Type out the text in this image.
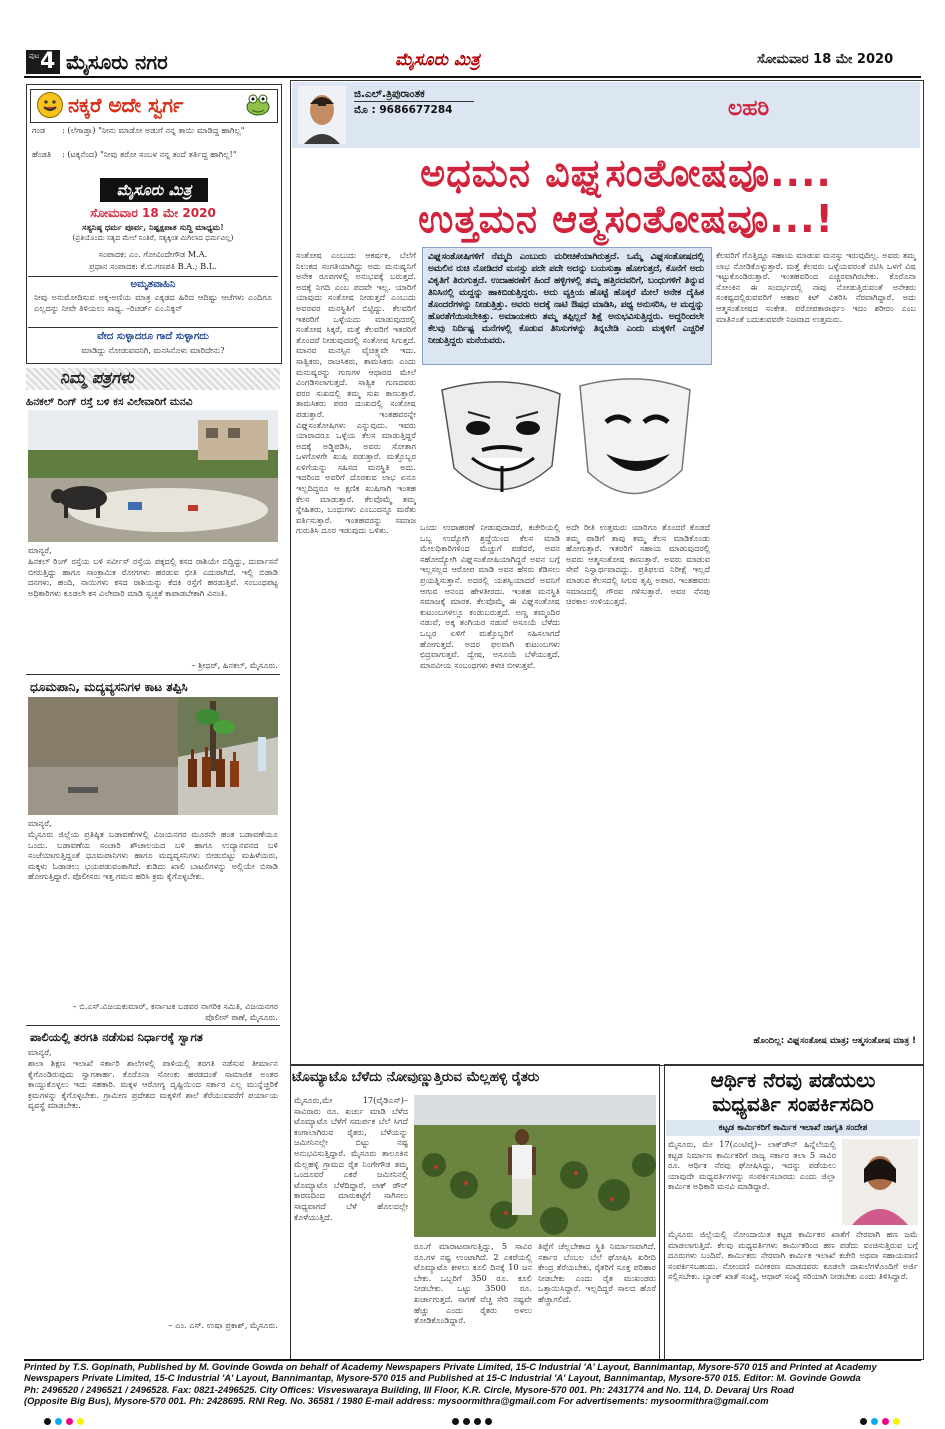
ಪುಟ 4 ಮೈಸೂರು ನಗರ	ಮೈಸೂರು ಮಿತ್ರ	ಸೋಮವಾರ 18 ಮೇ 2020
ನಕ್ಕರೆ ಅದೇ ಸ್ವರ್ಗ
ಗಂಡ	: (ಲೆಗಾಡ್ತಾ) "ನೀನು ಮಾಡೋ ಅಡುಗೆ ನನ್ನ ತಾಯಿ ಮಾಡಿದ್ದ ಹಾಗಿಲ್ಲ"
ಹೆಂಡತಿ	: (ಟಕ್ಕನೆಂದ) "ನೀವು ತರೋ ಸಂಬಳ ನನ್ನ ತಂದೆ ತರ್ತಿದ್ದ ಹಾಗಿಲ್ಲ!"
ಮೈಸೂರು ಮಿತ್ರ
ಸೋಮವಾರ 18 ಮೇ 2020
ಸತ್ಯನಿಷ್ಠ ಧರ್ಮ ಪೂರ್ವ, ನಿಷ್ಪಕ್ಷಪಾತ ಸುದ್ದಿ ಮಾಧ್ಯಮ!
(ಪ್ರತಿಯೊಂದು ಸತ್ಯದ ಮೇಲೆ ನಿಂತಿರೆ, ಸತ್ಯಕ್ಕಿಂತ ಮಿಗಿಲಾದ ಧರ್ಮವಿಲ್ಲ)
ಸಂಪಾದಕ: ಎಂ. ಗೋವಿಂದೇಗೌಡ M.A.
ಪ್ರಧಾನ ಸಂಪಾದಕ: ಕೆ.ಬಿ.ಗಣಪತಿ B.A.; B.L.
ಅಮೃತವಾಹಿನಿ
ನೀವು ಅನುಮೋದಿಸುವ ಅಕ್ಕ-ಅಣಿಯ ಮಾತ್ರ ಎಕ್ಕಡದ ಹಿರಿದ ಆದಿಷ್ಟು ಆಚೆಗಳು ಎಂದಿಗೂ ಎಲ್ಲದನ್ನು ನೀವೇ ತಿಳಿಯಲು ಸಾಧ್ಯ. –ರಿಚರ್ಡ್ ಎಂ.ನಿಕ್ಸನ್
ವೇದ ಸುಳ್ಳಾದರೂ ಗಾದೆ ಸುಳ್ಳಾಗದು
ಮಾಡಿದ್ದು ನೋಡುವವನಿಗಿ, ಮನಸಿನೊಳು ಮಾರಿದೇನು?
ನಿಮ್ಮ ಪತ್ರಗಳು
ಹಿನಕಲ್ ರಿಂಗ್ ರಸ್ತೆ ಬಳಿ ಕಸ ವಿಲೇವಾರಿಗೆ ಮನವಿ
ಮಾನ್ಯರೆ,
ಹಿನಕಲ್ ರಿಂಗ್ ರಸ್ತೆಯ ಬಳಿ ಸರ್ವೀಸ್ ರಸ್ತೆಯ ಪಕ್ಕದಲ್ಲಿ ಕಸದ ರಾಶಿಯೇ ಬಿದ್ದಿದ್ದು, ದುರ್ವಾಸನೆ ಬೀರುತ್ತಿದ್ದು ಹಾಗೂ ಸಾಂಕ್ರಾಮಿಕ ರೋಗಗಳು ಹರಡುವ ಭೀತಿ ಎದುರಾಗಿದೆ. ಇಲ್ಲಿ ಬಿಡಾಡಿ ದನಗಳು, ಹಂದಿ, ನಾಯಿಗಳು ಕಸದ ರಾಶಿಯನ್ನು ಕೆದಕಿ ರಸ್ತೆಗೆ ಹರಡುತ್ತಿವೆ. ಸಂಬಂಧಪಟ್ಟ ಅಧಿಕಾರಿಗಳು ಕೂಡಲೇ ಕಸ ವಿಲೇವಾರಿ ಮಾಡಿ ಸ್ವಚ್ಛತೆ ಕಾಪಾಡಬೇಕಾಗಿ ವಿನಂತಿ.
– ಶ್ರೀಧರ್, ಹಿನಕಲ್, ಮೈಸೂರು.
ಧೂಮಪಾನಿ, ಮದ್ಯವ್ಯಸನಿಗಳ ಕಾಟ ತಪ್ಪಿಸಿ
ಮಾನ್ಯರೆ,
ಮೈಸೂರು ಜಿಲ್ಲೆಯ ಪ್ರತಿಷ್ಠಿತ ಬಡಾವಣೆಗಳಲ್ಲಿ ವಿಜಯನಗರ ಮೂರನೇ ಹಂತ ಬಡಾವಣೆಯೂ ಒಂದು. ಬಡಾವಣೆಯ ಸಂಚಾರಿ ಶೌಚಾಲಯದ ಬಳಿ ಹಾಗೂ ಉದ್ಯಾನವನದ ಬಳಿ ಸಂಜೆಯಾಗುತ್ತಿದ್ದಂತೆ ಧೂಮಪಾನಿಗಳು ಹಾಗೂ ಮದ್ಯವ್ಯಸನಿಗಳು ಬೀಡುಬಿಟ್ಟು ಮಹಿಳೆಯರು, ಮಕ್ಕಳು ಓಡಾಡಲು ಭಯಪಡುವಂತಾಗಿದೆ. ಕುಡಿದು ಖಾಲಿ ಬಾಟಲಿಗಳನ್ನು ಅಲ್ಲಿಯೇ ಬಿಸಾಡಿ ಹೋಗುತ್ತಿದ್ದಾರೆ. ಪೊಲೀಸರು ಇತ್ತ ಗಮನ ಹರಿಸಿ ಕ್ರಮ ಕೈಗೊಳ್ಳಬೇಕು.
– ಬಿ.ಎಸ್.ವಿಜಯಕುಮಾರ್, ಕರ್ನಾಟಕ ಬಡವರ ನಾಗರಿಕ ಸಮಿತಿ, ವಿಜಯನಗರ ಪೊಲೀಸ್ ಠಾಣೆ, ಮೈಸೂರು.
ಪಾಲಿಯಲ್ಲಿ ತರಗತಿ ನಡೆಸುವ ನಿರ್ಧಾರಕ್ಕೆ ಸ್ವಾಗತ
ಮಾನ್ಯರೆ,
ಶಾಲಾ ಶಿಕ್ಷಣ ಇಲಾಖೆ ಸರ್ಕಾರಿ ಶಾಲೆಗಳಲ್ಲಿ ಪಾಳಿಯಲ್ಲಿ ತರಗತಿ ನಡೆಸುವ ತೀರ್ಮಾನ ಕೈಗೊಂಡಿರುವುದು ಸ್ವಾಗತಾರ್ಹ. ಕೊರೊನಾ ಸೋಂಕು ಹರಡದಂತೆ ಸಾಮಾಜಿಕ ಅಂತರ ಕಾಯ್ದುಕೊಳ್ಳಲು ಇದು ಸಹಕಾರಿ. ಮಕ್ಕಳ ಆರೋಗ್ಯ ದೃಷ್ಟಿಯಿಂದ ಸರ್ಕಾರ ಎಲ್ಲ ಮುನ್ನೆಚ್ಚರಿಕೆ ಕ್ರಮಗಳನ್ನು ಕೈಗೊಳ್ಳಬೇಕು. ಗ್ರಾಮೀಣ ಪ್ರದೇಶದ ಮಕ್ಕಳಿಗೆ ಶಾಲೆ ತೆರೆಯುವವರೆಗೆ ಪರ್ಯಾಯ ವ್ಯವಸ್ಥೆ ಮಾಡಬೇಕು.
– ಎಂ. ಎಸ್. ಉಷಾ ಪ್ರಕಾಶ್, ಮೈಸೂರು.
ಜಿ.ಎಲ್.ತ್ರಿಪುರಾಂತಕ
ಮೊ : 9686677284	ಲಹರಿ
ಅಧಮನ ವಿಘ್ನಸಂತೋಷವೂ....
ಉತ್ತಮನ ಆತ್ಮಸಂತೋಷವೂ...!
ವಿಘ್ನಸಂತೋಷಿಗಳಿಗೆ ನೆಮ್ಮದಿ ಎಂಬುದು ಮರೀಚಿಕೆಯಾಗಿರುತ್ತದೆ. ಒಮ್ಮೆ ವಿಘ್ನಸಂತೋಷದಲ್ಲಿ ಅಮಲಿನ ರುಚಿ ನೋಡಿದರೆ ಮನಸ್ಸು ಪದೇ ಪದೇ ಅದನ್ನು ಬಯಸುತ್ತಾ ಹೋಗುತ್ತದೆ, ಕೊನೆಗೆ ಅದು ವಿಕೃತಿಗೆ ತಿರುಗುತ್ತದೆ. ಉದಾಹರಣೆಗೆ ಹಿಂದೆ ಹಳ್ಳಿಗಳಲ್ಲಿ ತಮ್ಮ ಹತ್ತಿರದವರಿಗೆ, ಬಂಧುಗಳಿಗೆ ತಿನ್ನುವ ತಿನಿಸಿನಲ್ಲಿ ಮದ್ದನ್ನು ಹಾಕಿಬಿಡುತ್ತಿದ್ದರು. ಅದು ವ್ಯಕ್ತಿಯ ಹೊಟ್ಟೆ ಹೊಕ್ಕರೆ ಮೇಲೆ ಅನೇಕ ದೈಹಿಕ ತೊಂದರೆಗಳನ್ನು ನೀಡುತ್ತಿತ್ತು. ಅವರು ಅದಕ್ಕೆ ನಾಟಿ ಔಷಧ ಮಾಡಿಸಿ, ಪಥ್ಯ ಅನುಸರಿಸಿ, ಆ ಮದ್ದನ್ನು ಹೊರತೆಗೆಯಿಸಬೇಕಿತ್ತು. ಅಮಾಯಕರು ತಮ್ಮ ತಪ್ಪಿಲ್ಲದೆ ಶಿಕ್ಷೆ ಅನುಭವಿಸುತ್ತಿದ್ದರು. ಅದ್ದರಿಂದಲೇ ಕೆಲವು ನಿರ್ದಿಷ್ಟ ಮನೆಗಳಲ್ಲಿ ಕೊಡುವ ತಿನಿಸುಗಳನ್ನು ತಿನ್ನಬೇಡಿ ಎಂದು ಮಕ್ಕಳಿಗೆ ಎಚ್ಚರಿಕೆ ನೀಡುತ್ತಿದ್ದರು ಮನೆಯವರು.
ಸಂತೋಷ ಎಂಬುದು ಆಕರ್ಷಕ, ಬೆಲೆಗೆ ನಿಲುಕದ ಸಂಗತಿಯಾಗಿದ್ದು ಅದು ಮನುಷ್ಯನಿಗೆ ಅನೇಕ ರೂಪಗಳಲ್ಲಿ ಅನುಭವಕ್ಕೆ ಬರುತ್ತದೆ. ಅದಕ್ಕೆ ನಿಗದಿ ಎಂಬ ಪದವೇ ಇಲ್ಲ. ಯಾರಿಗೆ ಯಾವುದು ಸಂತೋಷ ನೀಡುತ್ತದೆ ಎಂಬುದು ಅವರವರ ಮನಸ್ಥಿತಿಗೆ ಬಿಟ್ಟಿದ್ದು. ಕೆಲವರಿಗೆ ಇತರರಿಗೆ ಒಳ್ಳೆಯದು ಮಾಡುವುದರಲ್ಲಿ ಸಂತೋಷ ಸಿಕ್ಕರೆ, ಮತ್ತೆ ಕೆಲವರಿಗೆ ಇತರರಿಗೆ ತೊಂದರೆ ನೀಡುವುದರಲ್ಲಿ ಸಂತೋಷ ಸಿಗುತ್ತದೆ. ಮಾನವ ಮನಸ್ಸಿನ ವೈಚಿತ್ರ್ಯವೇ ಇದು. ಸಾತ್ವಿಕರು, ರಾಜಸಿಕರು, ತಾಮಸಿಕರು ಎಂದು ಮನುಷ್ಯರನ್ನು ಗುಣಗಳ ಆಧಾರದ ಮೇಲೆ ವಿಂಗಡಿಸಲಾಗುತ್ತದೆ. ಸಾತ್ವಿಕ ಗುಣದವರು ಪರರ ಸುಖದಲ್ಲಿ ತಮ್ಮ ಸುಖ ಕಾಣುತ್ತಾರೆ. ತಾಮಸಿಕರು ಪರರ ದುಃಖದಲ್ಲಿ ಸಂತೋಷ ಪಡುತ್ತಾರೆ. ಇಂತಹವರನ್ನೇ ವಿಘ್ನಸಂತೋಷಿಗಳು ಎನ್ನುವುದು. ಇವರು ಯಾರಾದರೂ ಒಳ್ಳೆಯ ಕೆಲಸ ಮಾಡುತ್ತಿದ್ದರೆ ಅದಕ್ಕೆ ಅಡ್ಡಿಪಡಿಸಿ, ಅವರು ಸೋತಾಗ ಒಳಗೊಳಗೇ ಖುಷಿ ಪಡುತ್ತಾರೆ. ಮತ್ತೊಬ್ಬರ ಏಳಿಗೆಯನ್ನು ಸಹಿಸದ ಮನಸ್ಥಿತಿ ಅದು. ಇದರಿಂದ ಅವರಿಗೆ ದೊರಕುವ ಲಾಭ ಏನೂ ಇಲ್ಲದಿದ್ದರೂ ಆ ಕ್ಷಣಿಕ ಖುಷಿಗಾಗಿ ಇಂತಹ ಕೆಲಸ ಮಾಡುತ್ತಾರೆ. ಕೆಲವೊಮ್ಮೆ ತಮ್ಮ ಸ್ನೇಹಿತರು, ಬಂಧುಗಳು ಎಂಬುದನ್ನೂ ಮರೆತು ವರ್ತಿಸುತ್ತಾರೆ. ಇಂತಹವರನ್ನು ಸಮಾಜ ಗುರುತಿಸಿ ದೂರ ಇಡುವುದು ಒಳಿತು.	ಒಂದು ಉದಾಹರಣೆ ನೀಡುವುದಾದರೆ, ಕಚೇರಿಯಲ್ಲಿ ಒಬ್ಬ ಉದ್ಯೋಗಿ ಶ್ರದ್ಧೆಯಿಂದ ಕೆಲಸ ಮಾಡಿ ಮೇಲಧಿಕಾರಿಗಳಿಂದ ಮೆಚ್ಚುಗೆ ಪಡೆದರೆ, ಅವನ ಸಹೋದ್ಯೋಗಿ ವಿಘ್ನಸಂತೋಷಿಯಾಗಿದ್ದರೆ ಅವನ ಬಗ್ಗೆ ಇಲ್ಲಸಲ್ಲದ ಆರೋಪ ಮಾಡಿ ಅವನ ಹೆಸರು ಕೆಡಿಸಲು ಪ್ರಯತ್ನಿಸುತ್ತಾನೆ. ಅದರಲ್ಲಿ ಯಶಸ್ವಿಯಾದರೆ ಅವನಿಗೆ ಆಗುವ ಆನಂದ ಹೇಳತೀರದು. ಇಂತಹ ಮನಸ್ಥಿತಿ ಸಮಾಜಕ್ಕೆ ಮಾರಕ. ಕೆಲವೊಮ್ಮೆ ಈ ವಿಘ್ನಸಂತೋಷ ಕುಟುಂಬಗಳಲ್ಲೂ ಕಂಡುಬರುತ್ತದೆ. ಅಣ್ಣ ತಮ್ಮಂದಿರ ನಡುವೆ, ಅಕ್ಕ ತಂಗಿಯರ ನಡುವೆ ಅಸೂಯೆ ಬೆಳೆದು ಒಬ್ಬರ ಏಳಿಗೆ ಮತ್ತೊಬ್ಬರಿಗೆ ಸಹಿಸಲಾಗದೆ ಹೋಗುತ್ತದೆ. ಅದರ ಫಲವಾಗಿ ಕುಟುಂಬಗಳು ಛಿದ್ರವಾಗುತ್ತವೆ. ದ್ವೇಷ, ಅಸೂಯೆ ಬೆಳೆಯುತ್ತದೆ. ಮಾನವೀಯ ಸಂಬಂಧಗಳು ಕಳಚಿ ಬೀಳುತ್ತವೆ.
ಅದೇ ರೀತಿ ಉತ್ತಮರು ಯಾರಿಗೂ ತೊಂದರೆ ಕೊಡದೆ ತಮ್ಮ ಪಾಡಿಗೆ ತಾವು ತಮ್ಮ ಕೆಲಸ ಮಾಡಿಕೊಂಡು ಹೋಗುತ್ತಾರೆ. ಇತರರಿಗೆ ಸಹಾಯ ಮಾಡುವುದರಲ್ಲಿ ಅವರು ಆತ್ಮಸಂತೋಷ ಕಾಣುತ್ತಾರೆ. ಅವರು ಮಾಡುವ ಸೇವೆ ನಿಸ್ವಾರ್ಥವಾದದ್ದು. ಪ್ರತಿಫಲದ ನಿರೀಕ್ಷೆ ಇಲ್ಲದೆ ಮಾಡುವ ಕೆಲಸದಲ್ಲಿ ಸಿಗುವ ತೃಪ್ತಿ ಅಪಾರ. ಇಂತಹವರು ಸಮಾಜದಲ್ಲಿ ಗೌರವ ಗಳಿಸುತ್ತಾರೆ. ಅವರ ನೆನಪು ಚಿರಕಾಲ ಉಳಿಯುತ್ತದೆ.
ಕೆಲವರಿಗೆ ಗೊತ್ತಿದ್ದೂ ಸಹಾಯ ಮಾಡುವ ಮನಸ್ಸು ಇರುವುದಿಲ್ಲ. ಅವರು ತಮ್ಮ ಲಾಭ ನೋಡಿಕೊಳ್ಳುತ್ತಾರೆ. ಮತ್ತೆ ಕೆಲವರು ಒಳ್ಳೆಯವರಂತೆ ನಟಿಸಿ ಒಳಗೆ ವಿಷ ಇಟ್ಟುಕೊಂಡಿರುತ್ತಾರೆ. ಇಂತಹವರಿಂದ ಎಚ್ಚರವಾಗಿರಬೇಕು. ಕೊರೊನಾ ಸೋಂಕಿನ ಈ ಸಂದರ್ಭದಲ್ಲಿ ನಾವು ನೋಡುತ್ತಿರುವಂತೆ ಅನೇಕರು ಸಂಕಷ್ಟದಲ್ಲಿರುವವರಿಗೆ ಆಹಾರ ಕಿಟ್ ವಿತರಿಸಿ ನೆರವಾಗಿದ್ದಾರೆ. ಅದು ಆತ್ಮಸಂತೋಷದ ಸಂಕೇತ. ಪರೋಪಕಾರಾರ್ಥಂ ಇದಂ ಶರೀರಂ ಎಂಬ ಮಾತಿನಂತೆ ಬದುಕುವವರೇ ನಿಜವಾದ ಉತ್ತಮರು.
ಹೊಂದಿಲ್ಲ: ವಿಘ್ನಸಂತೋಷ ಮಾತ್ರ; ಆತ್ಮಸಂತೋಷ ಮಾತ್ರ !
ಟೊಮ್ಯಾಟೊ ಬೆಳೆದು ನೋವುಣ್ಣುತ್ತಿರುವ ಮೆಲ್ಲಹಳ್ಳಿ ರೈತರು
ಮೈಸೂರು,ಮೇ 17(ವೈಡಿಎಸ್)– ಸಾವಿರಾರು ರೂ. ಖರ್ಚು ಮಾಡಿ ಬೆಳೆದ ಟೊಮ್ಯಾಟೊ ಬೆಳೆಗೆ ಸಮರ್ಪಕ ಬೆಲೆ ಸಿಗದೆ ಕಂಗಾಲಾಗಿರುವ ರೈತರು, ಬೆಳೆಯನ್ನು ಜಮೀನಿನಲ್ಲೇ ಬಿಟ್ಟು ನಷ್ಟ ಅನುಭವಿಸುತ್ತಿದ್ದಾರೆ. ಮೈಸೂರು ತಾಲೂಕಿನ ಮೆಲ್ಲಹಳ್ಳಿ ಗ್ರಾಮದ ರೈತ ನಿಂಗೇಗೌಡ ತಮ್ಮ ಒಂದೂವರೆ ಎಕರೆ ಜಮೀನಿನಲ್ಲಿ ಟೊಮ್ಯಾಟೊ ಬೆಳೆದಿದ್ದಾರೆ. ಲಾಕ್ ಡೌನ್ ಕಾರಣದಿಂದ ಮಾರುಕಟ್ಟೆಗೆ ಸಾಗಿಸಲು ಸಾಧ್ಯವಾಗದೆ ಬೆಳೆ ಹೊಲದಲ್ಲೇ ಕೊಳೆಯುತ್ತಿದೆ.
ರೂ.ಗೆ ಮಾರಾಟವಾಗುತ್ತಿದ್ದು, 5 ಸಾವಿರ ರೂ.ಗಳ ನಷ್ಟ ಉಂಟಾಗಿದೆ. 2 ಎಕರೆಯಲ್ಲಿ ಟೊಮ್ಯಾಟೊ ಕೀಳಲು ಕೂಲಿ ದಿನಕ್ಕೆ 10 ಜನ ಬೇಕು. ಒಬ್ಬರಿಗೆ 350 ರೂ. ಕೂಲಿ ನೀಡಬೇಕು. ಒಟ್ಟು 3500 ರೂ. ಖರ್ಚಾಗುತ್ತದೆ. ಸಾಗಣೆ ವೆಚ್ಚ ಸೇರಿ ನಷ್ಟವೇ ಹೆಚ್ಚು ಎಂದು ರೈತರು ಅಳಲು ತೋಡಿಕೊಂಡಿದ್ದಾರೆ.
ತಿಪ್ಪೆಗೆ ಚೆಲ್ಲಬೇಕಾದ ಸ್ಥಿತಿ ನಿರ್ಮಾಣವಾಗಿದೆ. ಸರ್ಕಾರ ಬೆಂಬಲ ಬೆಲೆ ಘೋಷಿಸಿ ಖರೀದಿ ಕೇಂದ್ರ ತೆರೆಯಬೇಕು, ರೈತರಿಗೆ ಸೂಕ್ತ ಪರಿಹಾರ ನೀಡಬೇಕು ಎಂದು ರೈತ ಮುಖಂಡರು ಒತ್ತಾಯಿಸಿದ್ದಾರೆ. ಇಲ್ಲದಿದ್ದರೆ ಸಾಲದ ಹೊರೆ ಹೆಚ್ಚಾಗಲಿದೆ.
ಆರ್ಥಿಕ ನೆರವು ಪಡೆಯಲು
ಮಧ್ಯವರ್ತಿ ಸಂಪರ್ಕಿಸದಿರಿ
ಕಟ್ಟಡ ಕಾರ್ಮಿಕರಿಗೆ ಕಾರ್ಮಿಕ ಇಲಾಖೆ ಜಾಗೃತಿ ಸಂದೇಶ
ಮೈಸೂರು, ಮೇ 17(ಎಂಟಿವೈ)– ಲಾಕ್‌ಡೌನ್ ಹಿನ್ನೆಲೆಯಲ್ಲಿ ಕಟ್ಟಡ ನಿರ್ಮಾಣ ಕಾರ್ಮಿಕರಿಗೆ ರಾಜ್ಯ ಸರ್ಕಾರ ತಲಾ 5 ಸಾವಿರ ರೂ. ಆರ್ಥಿಕ ನೆರವು ಘೋಷಿಸಿದ್ದು, ಇದನ್ನು ಪಡೆಯಲು ಯಾವುದೇ ಮಧ್ಯವರ್ತಿಗಳನ್ನು ಸಂಪರ್ಕಿಸಬಾರದು ಎಂದು ಜಿಲ್ಲಾ ಕಾರ್ಮಿಕ ಅಧಿಕಾರಿ ಮನವಿ ಮಾಡಿದ್ದಾರೆ.
ಮೈಸೂರು ಜಿಲ್ಲೆಯಲ್ಲಿ ನೋಂದಾಯಿತ ಕಟ್ಟಡ ಕಾರ್ಮಿಕರ ಖಾತೆಗೆ ನೇರವಾಗಿ ಹಣ ಜಮೆ ಮಾಡಲಾಗುತ್ತಿದೆ. ಕೆಲವು ಮಧ್ಯವರ್ತಿಗಳು ಕಾರ್ಮಿಕರಿಂದ ಹಣ ಪಡೆದು ವಂಚಿಸುತ್ತಿರುವ ಬಗ್ಗೆ ದೂರುಗಳು ಬಂದಿವೆ. ಕಾರ್ಮಿಕರು ನೇರವಾಗಿ ಕಾರ್ಮಿಕ ಇಲಾಖೆ ಕಚೇರಿ ಅಥವಾ ಸಹಾಯವಾಣಿ ಸಂಪರ್ಕಿಸಬಹುದು. ನೋಂದಣಿ ನವೀಕರಣ ಮಾಡದವರು ಕೂಡಲೇ ದಾಖಲೆಗಳೊಂದಿಗೆ ಅರ್ಜಿ ಸಲ್ಲಿಸಬೇಕು. ಬ್ಯಾಂಕ್ ಖಾತೆ ಸಂಖ್ಯೆ, ಆಧಾರ್ ಸಂಖ್ಯೆ ಸರಿಯಾಗಿ ನೀಡಬೇಕು ಎಂದು ತಿಳಿಸಿದ್ದಾರೆ.
Printed by T.S. Gopinath, Published by M. Govinde Gowda on behalf of Academy Newspapers Private Limited, 15-C Industrial 'A' Layout, Bannimantap, Mysore-570 015 and Printed at Academy
Newspapers Private Limited, 15-C Industrial 'A' Layout, Bannimantap, Mysore-570 015 and Published at 15-C Industrial 'A' Layout, Bannimantap, Mysore-570 015. Editor: M. Govinde Gowda
Ph: 2496520 / 2496521 / 2496528. Fax: 0821-2496525. City Offices: Visveswaraya Building, III Floor, K.R. Circle, Mysore-570 001. Ph: 2431774 and No. 114, D. Devaraj Urs Road
(Opposite Big Bus), Mysore-570 001. Ph: 2428695. RNI Reg. No. 36581 / 1980 E-mail address: mysoormithra@gmail.com For advertisements: mysoormithra@gmail.com
